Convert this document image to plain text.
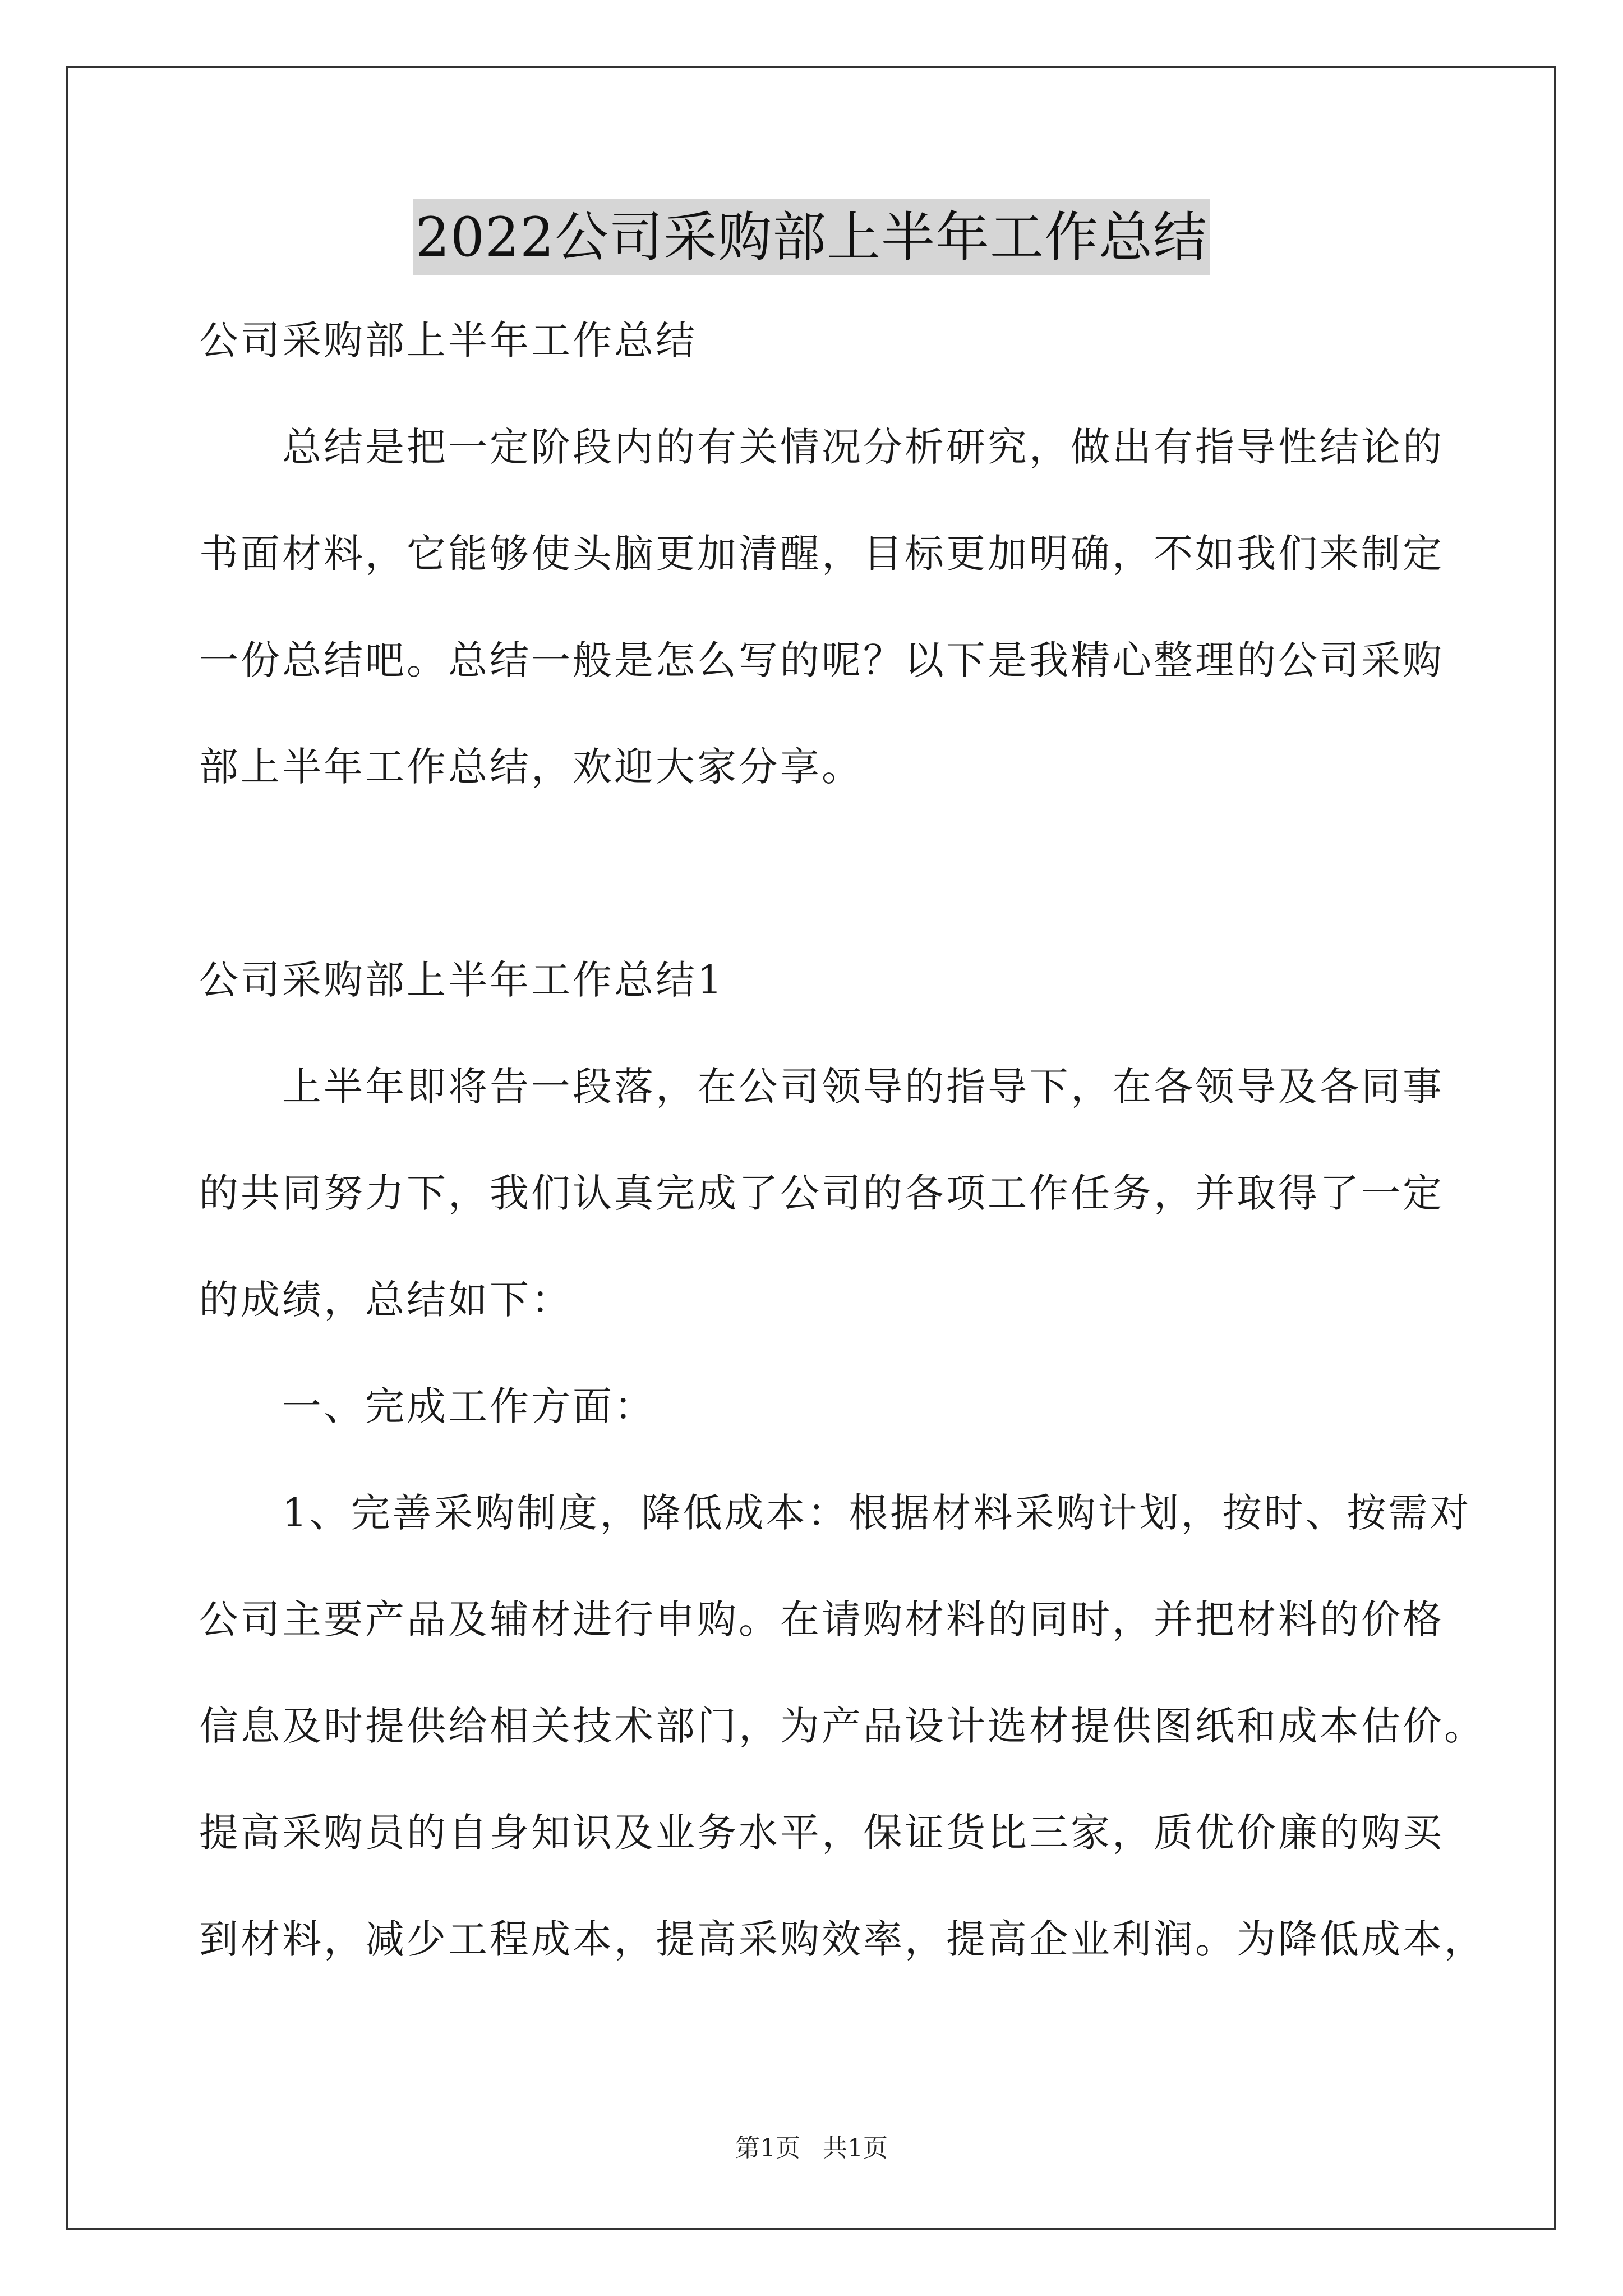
2022公司采购部上半年工作总结
公司采购部上半年工作总结
　　总结是把一定阶段内的有关情况分析研究，做出有指导性结论的
书面材料，它能够使头脑更加清醒，目标更加明确，不如我们来制定
一份总结吧。总结一般是怎么写的呢？以下是我精心整理的公司采购
部上半年工作总结，欢迎大家分享。
公司采购部上半年工作总结1
　　上半年即将告一段落，在公司领导的指导下，在各领导及各同事
的共同努力下，我们认真完成了公司的各项工作任务，并取得了一定
的成绩，总结如下：
　　一、完成工作方面：
　　1、完善采购制度，降低成本：根据材料采购计划，按时、按需对
公司主要产品及辅材进行申购。在请购材料的同时，并把材料的价格
信息及时提供给相关技术部门，为产品设计选材提供图纸和成本估价。
提高采购员的自身知识及业务水平，保证货比三家，质优价廉的购买
到材料，减少工程成本，提高采购效率，提高企业利润。为降低成本，
第1页 共1页
